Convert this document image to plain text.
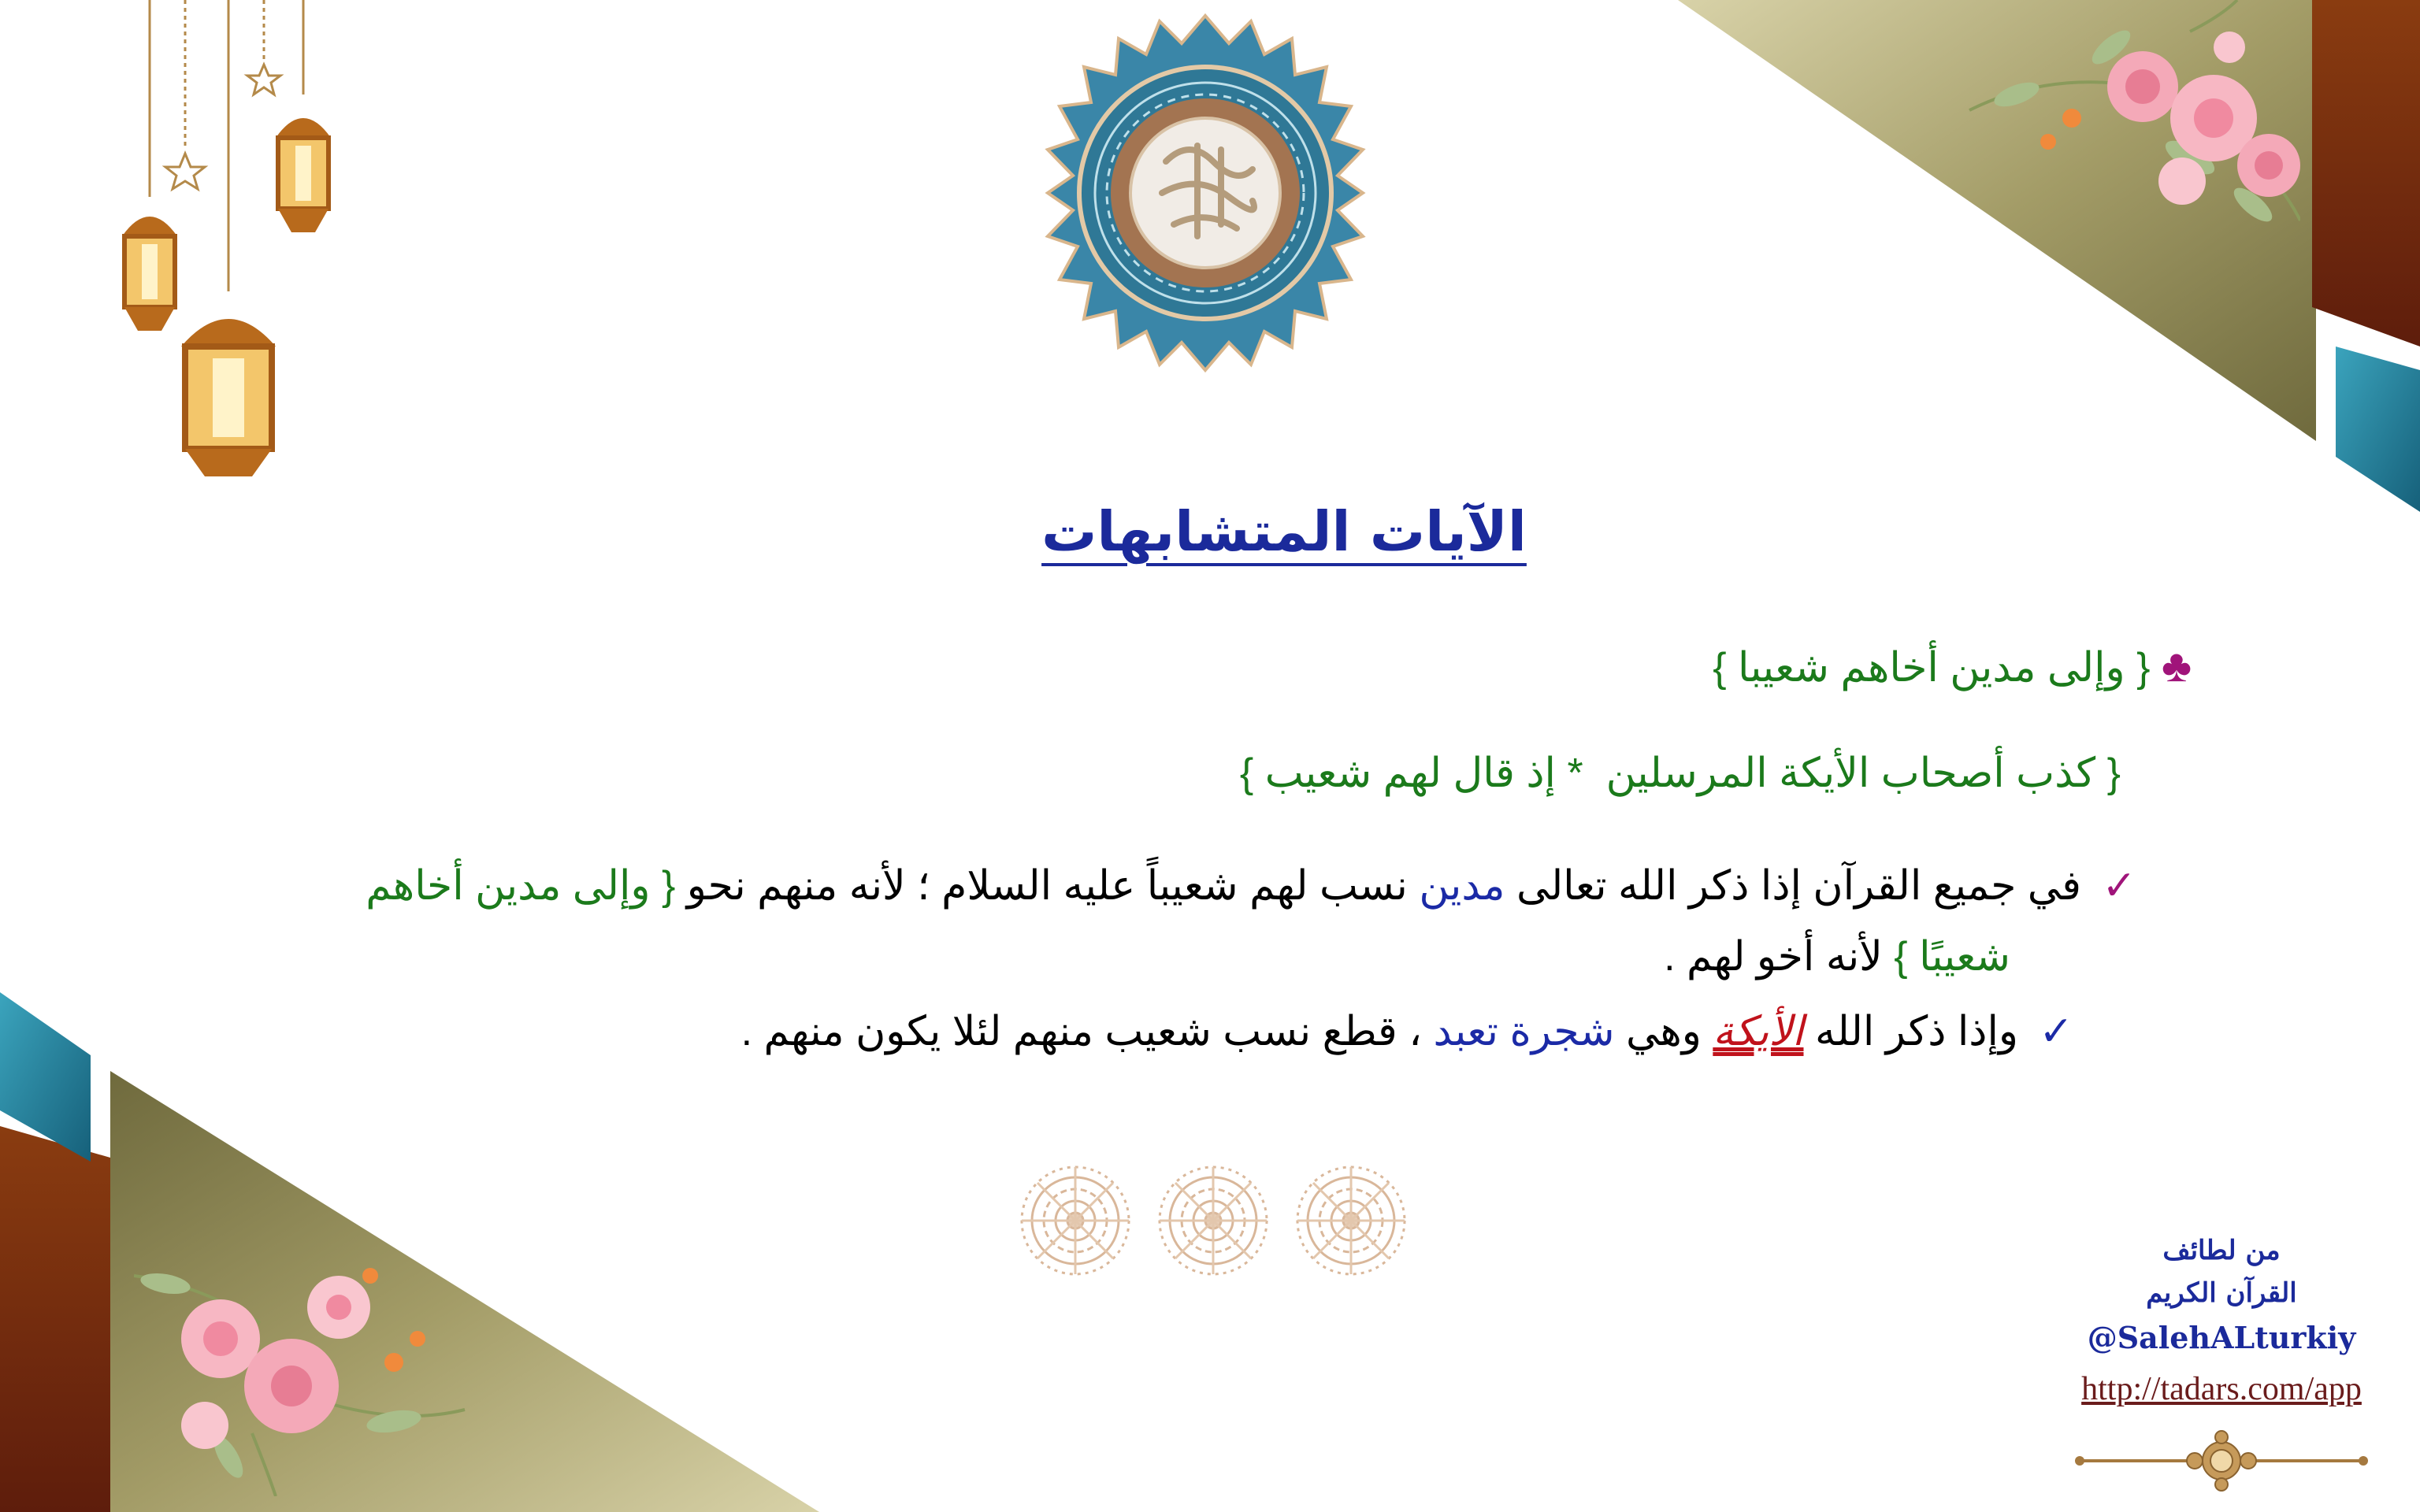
الآيات المتشابهات
♣ { وإلى مدين أخاهم شعيبا }
{ كذب أصحاب الأيكة المرسلين  * إذ قال لهم شعيب }
✓
في جميع القرآن إذا ذكر الله تعالى مدين نسب لهم شعيباً عليه السلام ؛ لأنه منهم نحو { وإلى مدين أخاهم
شعيبًا } لأنه أخو لهم .
✓
وإذا ذكر الله الأيكة وهي شجرة تعبد ، قطع نسب شعيب منهم لئلا يكون منهم .
من لطائف
القرآن الكريم
@SalehALturkiy
http://tadars.com/app
